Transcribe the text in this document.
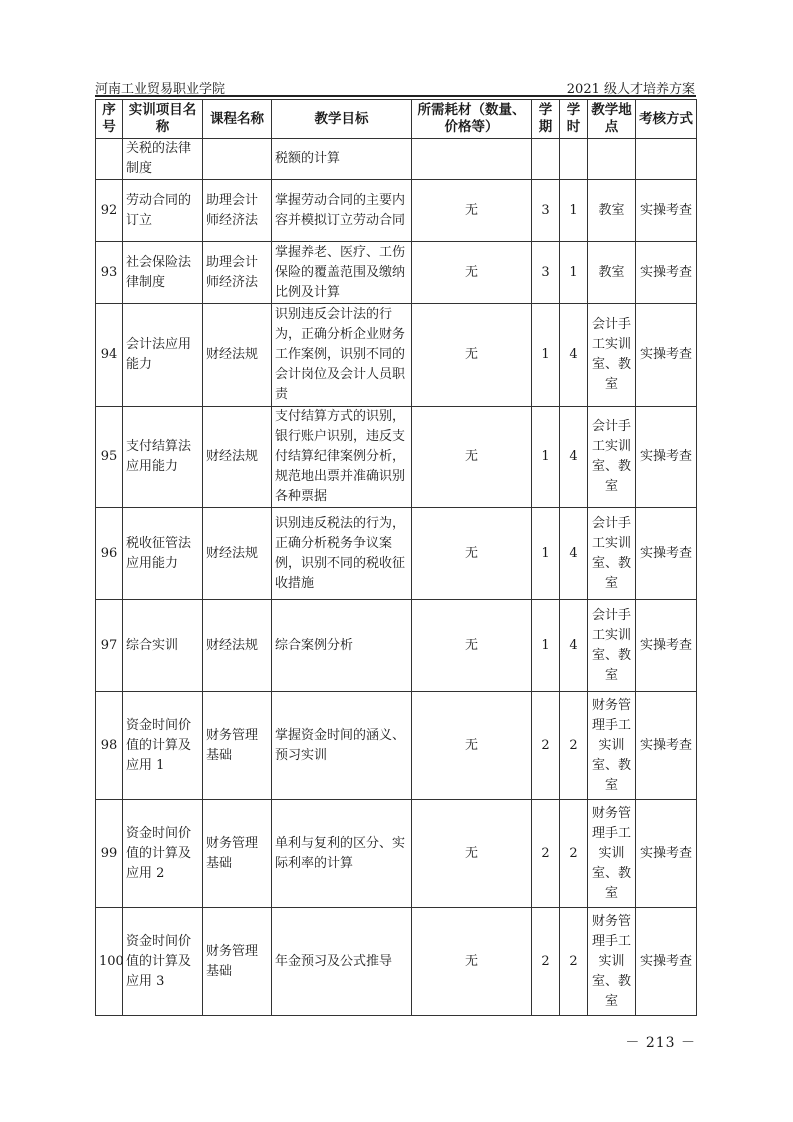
河南工业贸易职业学院	2021 级人才培养方案
序号	实训项目名称	课程名称	教学目标	所需耗材（数量、价格等）	学期	学时	教学地点	考核方式
	关税的法律制度		税额的计算					
92	劳动合同的订立	助理会计师经济法	掌握劳动合同的主要内容并模拟订立劳动合同	无	3	1	教室	实操考查
93	社会保险法律制度	助理会计师经济法	掌握养老、医疗、工伤保险的覆盖范围及缴纳比例及计算	无	3	1	教室	实操考查
94	会计法应用能力	财经法规	识别违反会计法的行为，正确分析企业财务工作案例，识别不同的会计岗位及会计人员职责	无	1	4	会计手工实训室、教室	实操考查
95	支付结算法应用能力	财经法规	支付结算方式的识别，银行账户识别，违反支付结算纪律案例分析，规范地出票并准确识别各种票据	无	1	4	会计手工实训室、教室	实操考查
96	税收征管法应用能力	财经法规	识别违反税法的行为，正确分析税务争议案例，识别不同的税收征收措施	无	1	4	会计手工实训室、教室	实操考查
97	综合实训	财经法规	综合案例分析	无	1	4	会计手工实训室、教室	实操考查
98	资金时间价值的计算及应用 1	财务管理基础	掌握资金时间的涵义、预习实训	无	2	2	财务管理手工实训室、教室	实操考查
99	资金时间价值的计算及应用 2	财务管理基础	单利与复利的区分、实际利率的计算	无	2	2	财务管理手工实训室、教室	实操考查
100	资金时间价值的计算及应用 3	财务管理基础	年金预习及公式推导	无	2	2	财务管理手工实训室、教室	实操考查
－ 213 －
